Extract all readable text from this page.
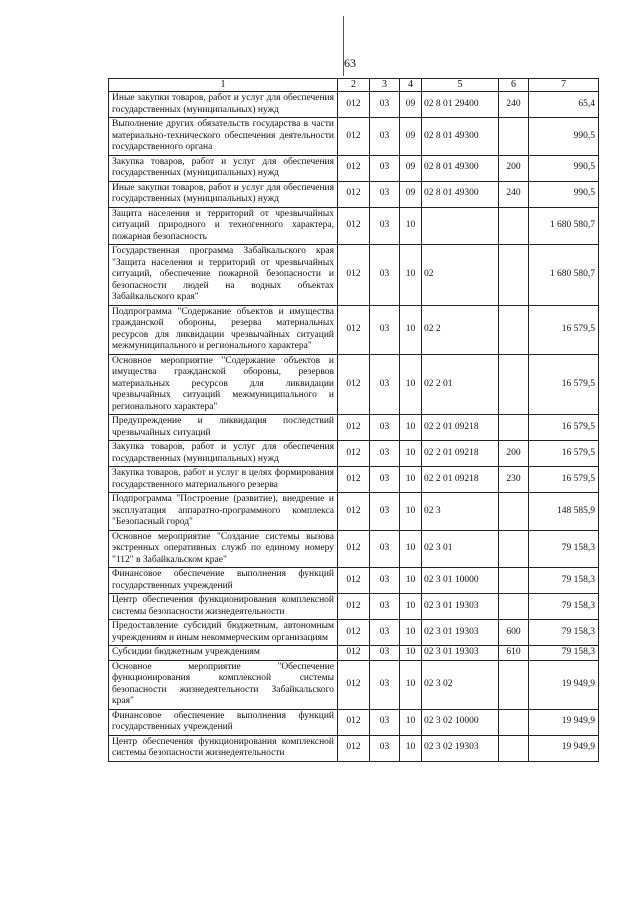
63
1	2	3	4	5	6	7
Иные закупки товаров, работ и услуг для обеспечения государственных (муниципальных) нужд	012	03	09	02 8 01 29400	240	65,4
Выполнение других обязательств государства в части материально-технического обеспечения деятельности государственного органа	012	03	09	02 8 01 49300		990,5
Закупка товаров, работ и услуг для обеспечения государственных (муниципальных) нужд	012	03	09	02 8 01 49300	200	990,5
Иные закупки товаров, работ и услуг для обеспечения государственных (муниципальных) нужд	012	03	09	02 8 01 49300	240	990,5
Защита населения и территорий от чрезвычайных ситуаций природного и техногенного характера, пожарная безопасность	012	03	10			1 680 580,7
Государственная программа Забайкальского края "Защита населения и территорий от чрезвычайных ситуаций, обеспечение пожарной безопасности и безопасности людей на водных объектах Забайкальского края"	012	03	10	02		1 680 580,7
Подпрограмма "Содержание объектов и имущества гражданской обороны, резерва материальных ресурсов для ликвидации чрезвычайных ситуаций межмуниципального и регионального характера"	012	03	10	02 2		16 579,5
Основное мероприятие "Содержание объектов и имущества гражданской обороны, резервов материальных ресурсов для ликвидации чрезвычайных ситуаций межмуниципального и регионального характера"	012	03	10	02 2 01		16 579,5
Предупреждение и ликвидация последствий чрезвычайных ситуаций	012	03	10	02 2 01 09218		16 579,5
Закупка товаров, работ и услуг для обеспечения государственных (муниципальных) нужд	012	03	10	02 2 01 09218	200	16 579,5
Закупка товаров, работ и услуг в целях формирования государственного материального резерва	012	03	10	02 2 01 09218	230	16 579,5
Подпрограмма "Построение (развитие), внедрение и эксплуатация аппаратно-программного комплекса "Безопасный город"	012	03	10	02 3		148 585,9
Основное мероприятие "Создание системы вызова экстренных оперативных служб по единому номеру "112" в Забайкальском крае"	012	03	10	02 3 01		79 158,3
Финансовое обеспечение выполнения функций государственных учреждений	012	03	10	02 3 01 10000		79 158,3
Центр обеспечения функционирования комплексной системы безопасности жизнедеятельности	012	03	10	02 3 01 19303		79 158,3
Предоставление субсидий бюджетным, автономным учреждениям и иным некоммерческим организациям	012	03	10	02 3 01 19303	600	79 158,3
Субсидии бюджетным учреждениям	012	03	10	02 3 01 19303	610	79 158,3
Основное мероприятие "Обеспечение функционирования комплексной системы безопасности жизнедеятельности Забайкальского края"	012	03	10	02 3 02		19 949,9
Финансовое обеспечение выполнения функций государственных учреждений	012	03	10	02 3 02 10000		19 949,9
Центр обеспечения функционирования комплексной системы безопасности жизнедеятельности	012	03	10	02 3 02 19303		19 949,9
